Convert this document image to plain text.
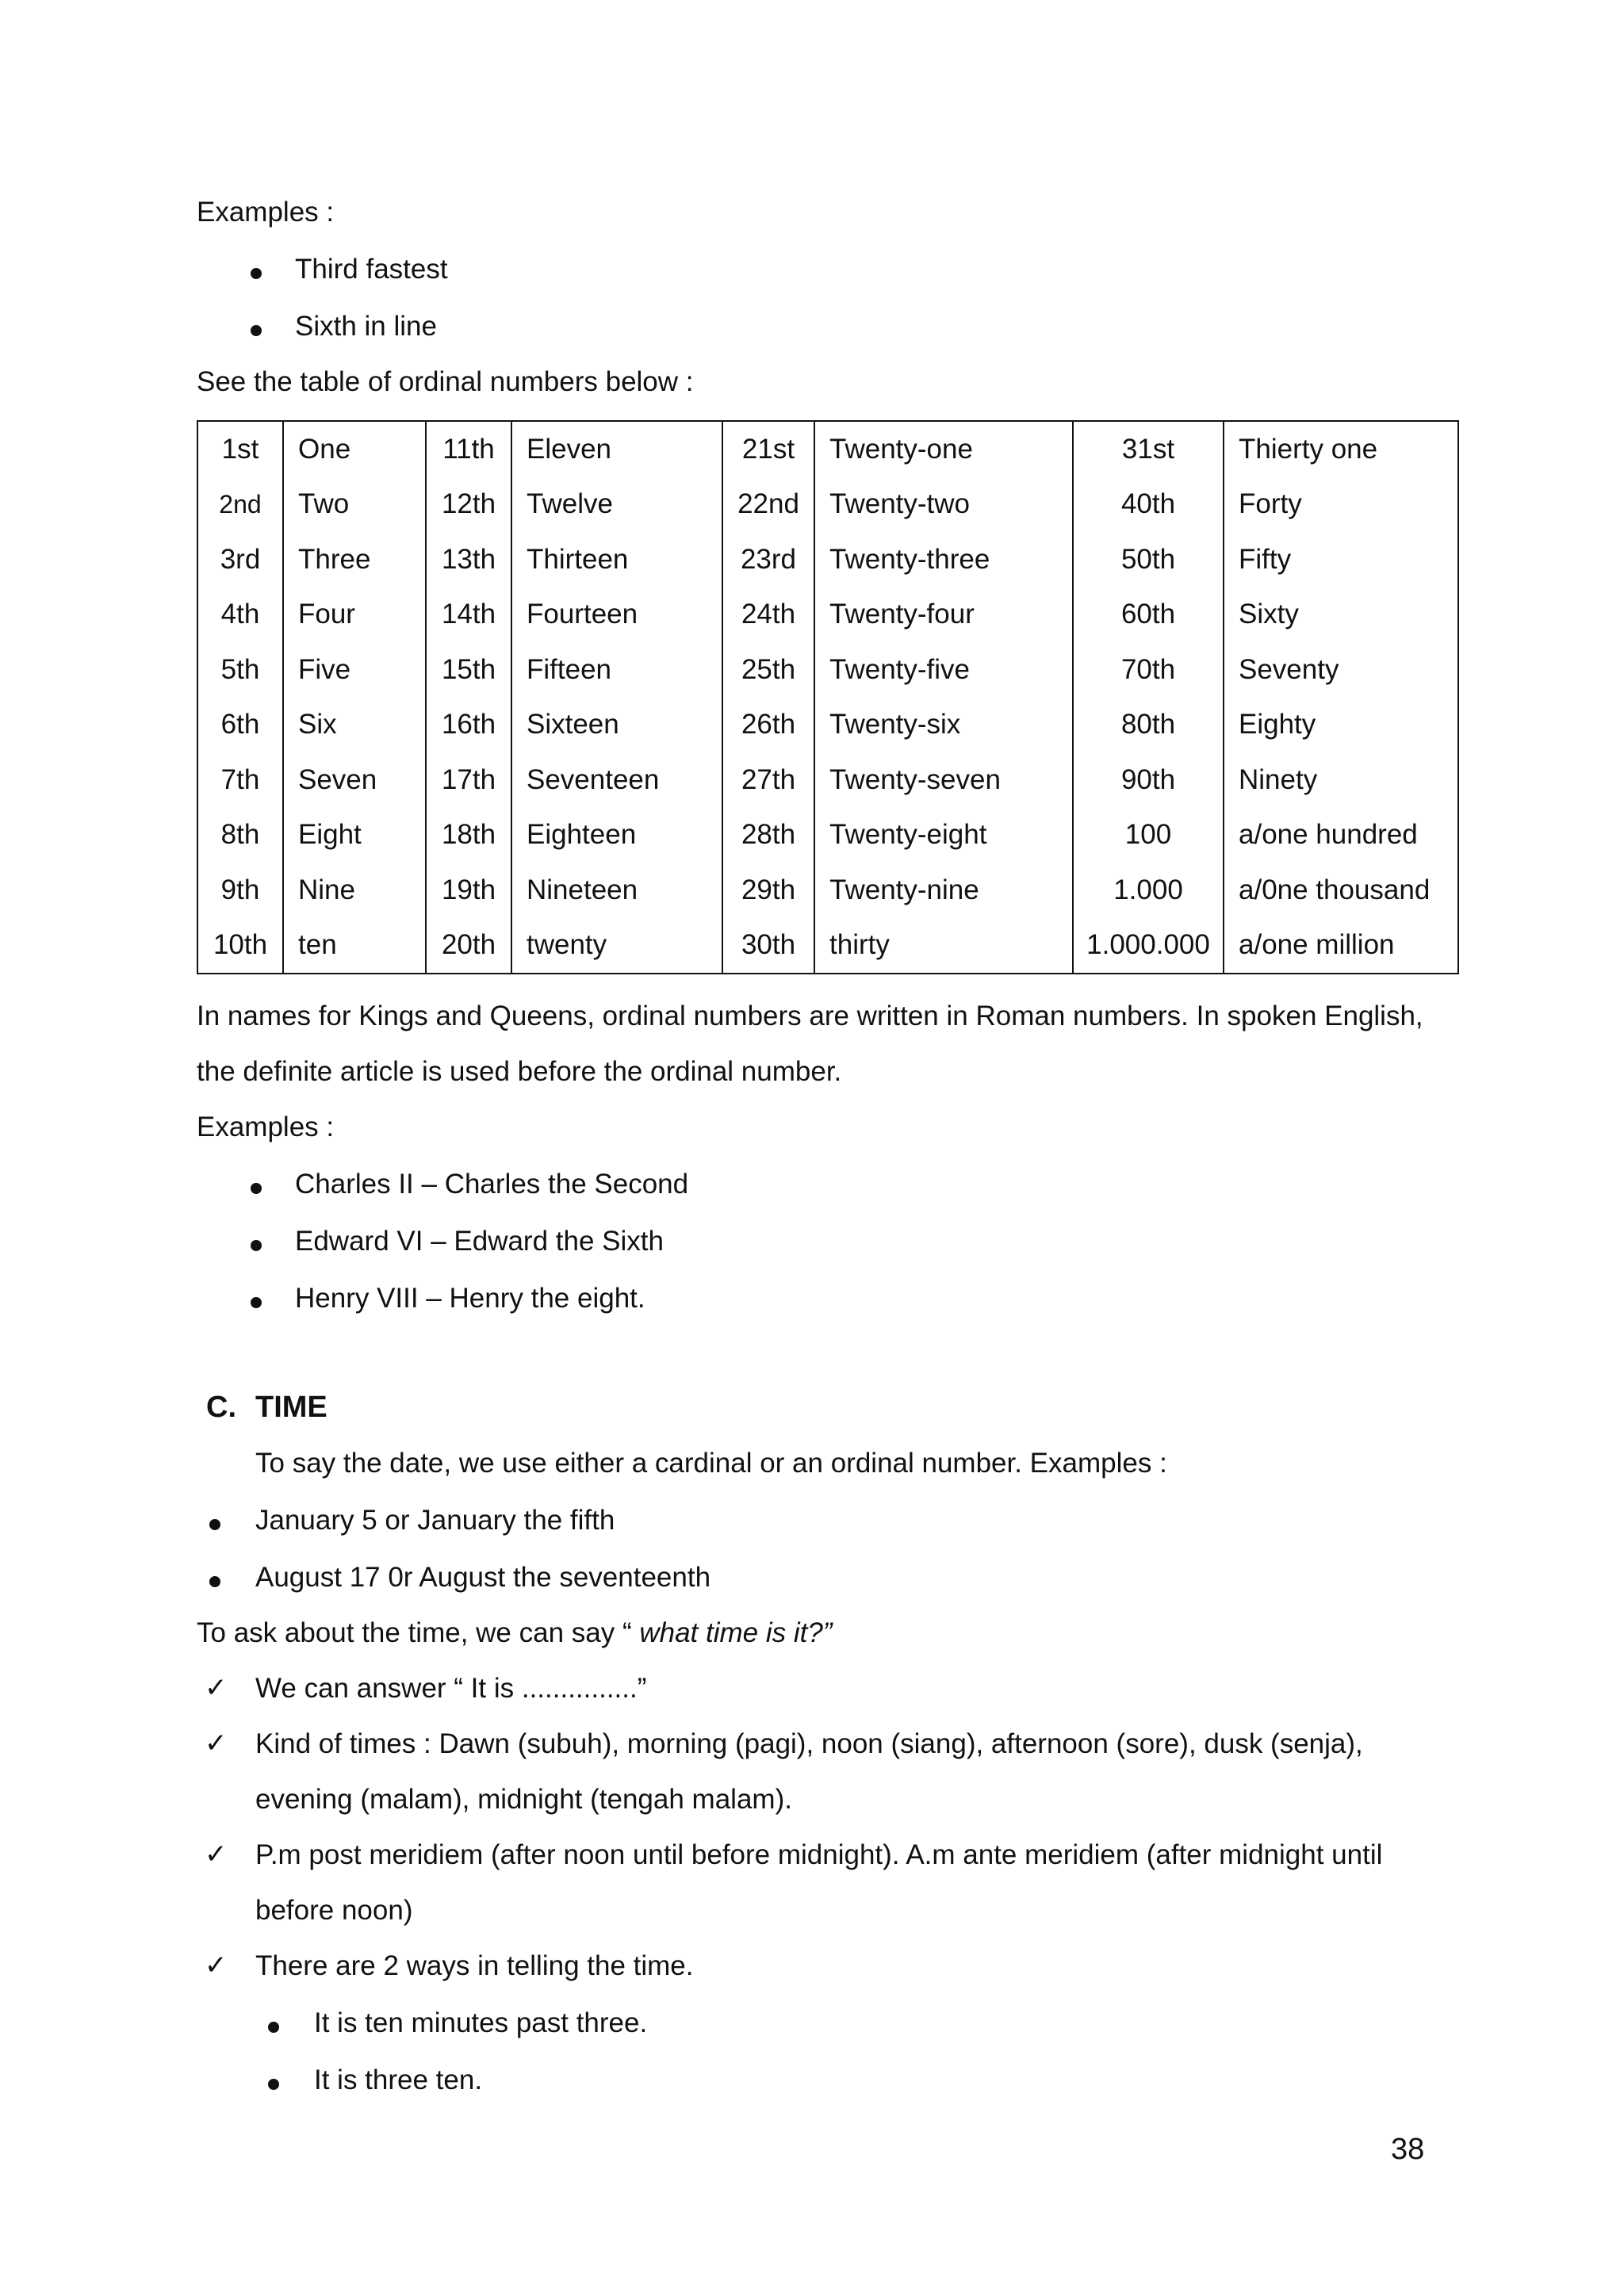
Examples :
Third fastest
Sixth in line
See the table of ordinal numbers below :
1st	One	11th	Eleven	21st	Twenty-one	31st	Thierty one
2nd	Two	12th	Twelve	22nd	Twenty-two	40th	Forty
3rd	Three	13th	Thirteen	23rd	Twenty-three	50th	Fifty
4th	Four	14th	Fourteen	24th	Twenty-four	60th	Sixty
5th	Five	15th	Fifteen	25th	Twenty-five	70th	Seventy
6th	Six	16th	Sixteen	26th	Twenty-six	80th	Eighty
7th	Seven	17th	Seventeen	27th	Twenty-seven	90th	Ninety
8th	Eight	18th	Eighteen	28th	Twenty-eight	100	a/one hundred
9th	Nine	19th	Nineteen	29th	Twenty-nine	1.000	a/0ne thousand
10th	ten	20th	twenty	30th	thirty	1.000.000	a/one million
In names for Kings and Queens, ordinal numbers are written in Roman numbers. In spoken English,
the definite article is used before the ordinal number.
Examples :
Charles II – Charles the Second
Edward VI – Edward the Sixth
Henry VIII – Henry the eight.
C. TIME
To say the date, we use either a cardinal or an ordinal number. Examples :
January 5 or January the fifth
August 17 0r August the seventeenth
To ask about the time, we can say “ what time is it?”
✓ We can answer “ It is ...............”
✓ Kind of times : Dawn (subuh), morning (pagi), noon (siang), afternoon (sore), dusk (senja),
evening (malam), midnight (tengah malam).
✓ P.m post meridiem (after noon until before midnight). A.m ante meridiem (after midnight until
before noon)
✓ There are 2 ways in telling the time.
It is ten minutes past three.
It is three ten.
38
